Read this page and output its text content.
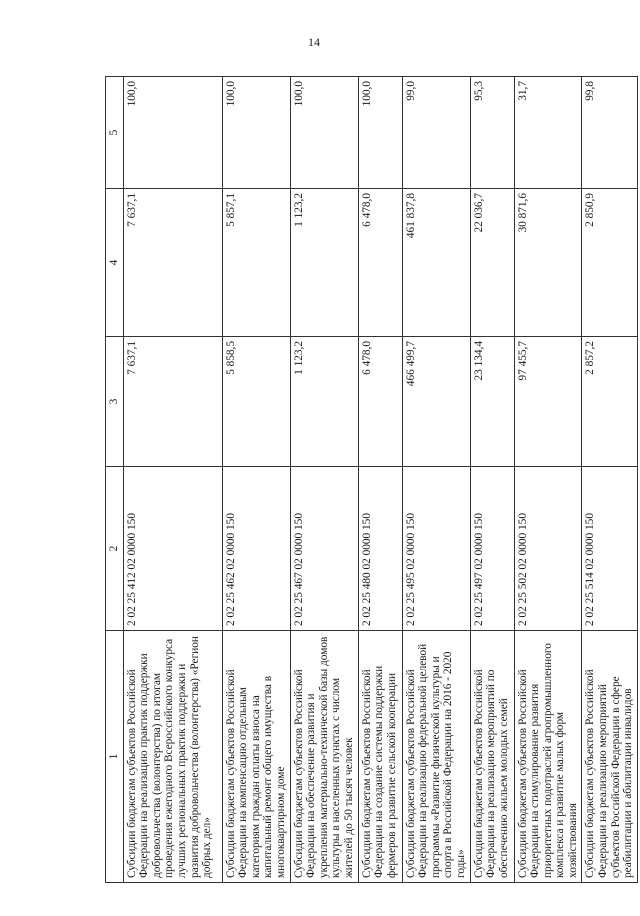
14
1	2	3	4	5
Субсидии бюджетам субъектов Российской Федерации на реализацию практик поддержки добровольчества (волонтерства) по итогам проведения ежегодного Всероссийского конкурса лучших региональных практик поддержки и развития добровольчества (волонтерства) «Регион добрых дел»	2 02 25 412 02 0000 150	7 637,1	7 637,1	100,0
Субсидии бюджетам субъектов Российской Федерации на компенсацию отдельным категориям граждан оплаты взноса на капитальный ремонт общего имущества в многоквартирном доме	2 02 25 462 02 0000 150	5 858,5	5 857,1	100,0
Субсидии бюджетам субъектов Российской Федерации на обеспечение развития и укрепления материально-технической базы домов культуры в населенных пунктах с числом жителей до 50 тысяч человек	2 02 25 467 02 0000 150	1 123,2	1 123,2	100,0
Субсидии бюджетам субъектов Российской Федерации на создание системы поддержки фермеров и развитие сельской кооперации	2 02 25 480 02 0000 150	6 478,0	6 478,0	100,0
Субсидии бюджетам субъектов Российской Федерации на реализацию федеральной целевой программы «Развитие физической культуры и спорта в Российской Федерации на 2016 - 2020 годы»	2 02 25 495 02 0000 150	466 499,7	461 837,8	99,0
Субсидии бюджетам субъектов Российской Федерации на реализацию мероприятий по обеспечению жильем молодых семей	2 02 25 497 02 0000 150	23 134,4	22 036,7	95,3
Субсидии бюджетам субъектов Российской Федерации на стимулирование развития приоритетных подотраслей агропромышленного комплекса и развитие малых форм хозяйствования	2 02 25 502 02 0000 150	97 455,7	30 871,6	31,7
Субсидии бюджетам субъектов Российской Федерации на реализацию мероприятий субъектов Российской Федерации в сфере реабилитации и абилитации инвалидов	2 02 25 514 02 0000 150	2 857,2	2 850,9	99,8
